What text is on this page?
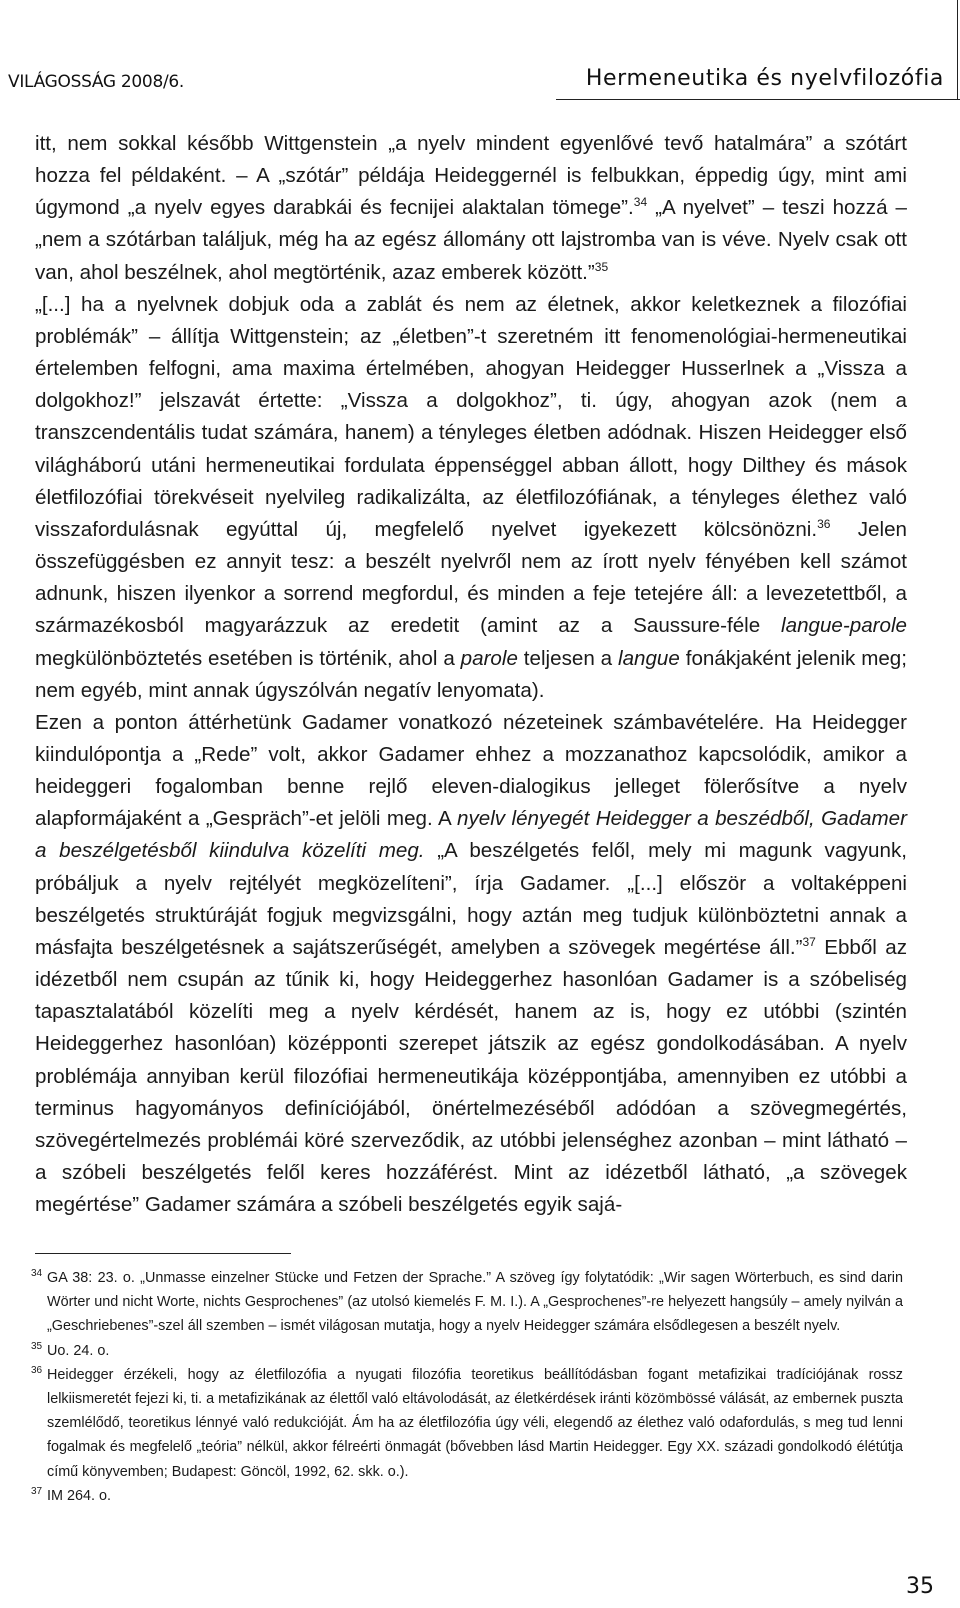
VILÁGOSSÁG 2008/6.	Hermeneutika és nyelvfilozófia

itt, nem sokkal később Wittgenstein „a nyelv mindent egyenlővé tevő hatalmára” a szótárt hozza fel példaként. – A „szótár” példája Heideggernél is felbukkan, éppedig úgy, mint ami úgymond „a nyelv egyes darabkái és fecnijei alaktalan tömege”.$^{34}$ „A nyelvet” – teszi hozzá – „nem a szótárban találjuk, még ha az egész állomány ott lajstromba van is véve. Nyelv csak ott van, ahol beszélnek, ahol megtörténik, azaz emberek között.”$^{35}$

„[...] ha a nyelvnek dobjuk oda a zablát és nem az életnek, akkor keletkeznek a filozófiai problémák” – állítja Wittgenstein; az „életben”-t szeretném itt fenomenológiai-hermeneutikai értelemben felfogni, ama maxima értelmében, ahogyan Heidegger Husserlnek a „Vissza a dolgokhoz!” jelszavát értette: „Vissza a dolgokhoz”, ti. úgy, ahogyan azok (nem a transzcendentális tudat számára, hanem) a tényleges életben adódnak. Hiszen Heidegger első világháború utáni hermeneutikai fordulata éppenséggel abban állott, hogy Dilthey és mások életfilozófiai törekvéseit nyelvileg radikalizálta, az életfilozófiának, a tényleges élethez való visszafordulásnak egyúttal új, megfelelő nyelvet igyekezett kölcsönözni.$^{36}$ Jelen összefüggésben ez annyit tesz: a beszélt nyelvről nem az írott nyelv fényében kell számot adnunk, hiszen ilyenkor a sorrend megfordul, és minden a feje tetejére áll: a levezetettből, a származékosból magyarázzuk az eredetit (amint az a Saussure-féle langue-parole megkülönböztetés esetében is történik, ahol a parole teljesen a langue fonákjaként jelenik meg; nem egyéb, mint annak úgyszólván negatív lenyomata).

Ezen a ponton áttérhetünk Gadamer vonatkozó nézeteinek számbavételére. Ha Heidegger kiindulópontja a „Rede” volt, akkor Gadamer ehhez a mozzanathoz kapcsolódik, amikor a heideggeri fogalomban benne rejlő eleven-dialogikus jelleget fölerősítve a nyelv alapformájaként a „Gespräch”-et jelöli meg. A nyelv lényegét Heidegger a beszédből, Gadamer a beszélgetésből kiindulva közelíti meg. „A beszélgetés felől, mely mi magunk vagyunk, próbáljuk a nyelv rejtélyét megközelíteni”, írja Gadamer. „[...] először a voltaképpeni beszélgetés struktúráját fogjuk megvizsgálni, hogy aztán meg tudjuk különböztetni annak a másfajta beszélgetésnek a sajátszerűségét, amelyben a szövegek megértése áll.”$^{37}$ Ebből az idézetből nem csupán az tűnik ki, hogy Heideggerhez hasonlóan Gadamer is a szóbeliség tapasztalatából közelíti meg a nyelv kérdését, hanem az is, hogy ez utóbbi (szintén Heideggerhez hasonlóan) középponti szerepet játszik az egész gondolkodásában. A nyelv problémája annyiban kerül filozófiai hermeneutikája középpontjába, amennyiben ez utóbbi a terminus hagyományos definíciójából, önértelmezéséből adódóan a szövegmegértés, szövegértelmezés problémái köré szerveződik, az utóbbi jelenséghez azonban – mint látható – a szóbeli beszélgetés felől keres hozzáférést. Mint az idézetből látható, „a szövegek megértése” Gadamer számára a szóbeli beszélgetés egyik sajá-

34 GA 38: 23. o. „Unmasse einzelner Stücke und Fetzen der Sprache.” A szöveg így folytatódik: „Wir sagen Wörterbuch, es sind darin Wörter und nicht Worte, nichts Gesprochenes” (az utolsó kiemelés F. M. I.). A „Gesprochenes”-re helyezett hangsúly – amely nyilván a „Geschriebenes”-szel áll szemben – ismét világosan mutatja, hogy a nyelv Heidegger számára elsődlegesen a beszélt nyelv.

35 Uo. 24. o.

36 Heidegger érzékeli, hogy az életfilozófia a nyugati filozófia teoretikus beállítódásban fogant metafizikai tradíciójának rossz lelkiismeretét fejezi ki, ti. a metafizikának az élettől való eltávolodását, az életkérdések iránti közömbössé válását, az embernek puszta szemlélődő, teoretikus lénnyé való redukcióját. Ám ha az életfilozófia úgy véli, elegendő az élethez való odafordulás, s meg tud lenni fogalmak és megfelelő „teória” nélkül, akkor félreérti önmagát (bővebben lásd Martin Heidegger. Egy XX. századi gondolkodó élétútja című könyvemben; Budapest: Göncöl, 1992, 62. skk. o.).

37 IM 264. o.

35
